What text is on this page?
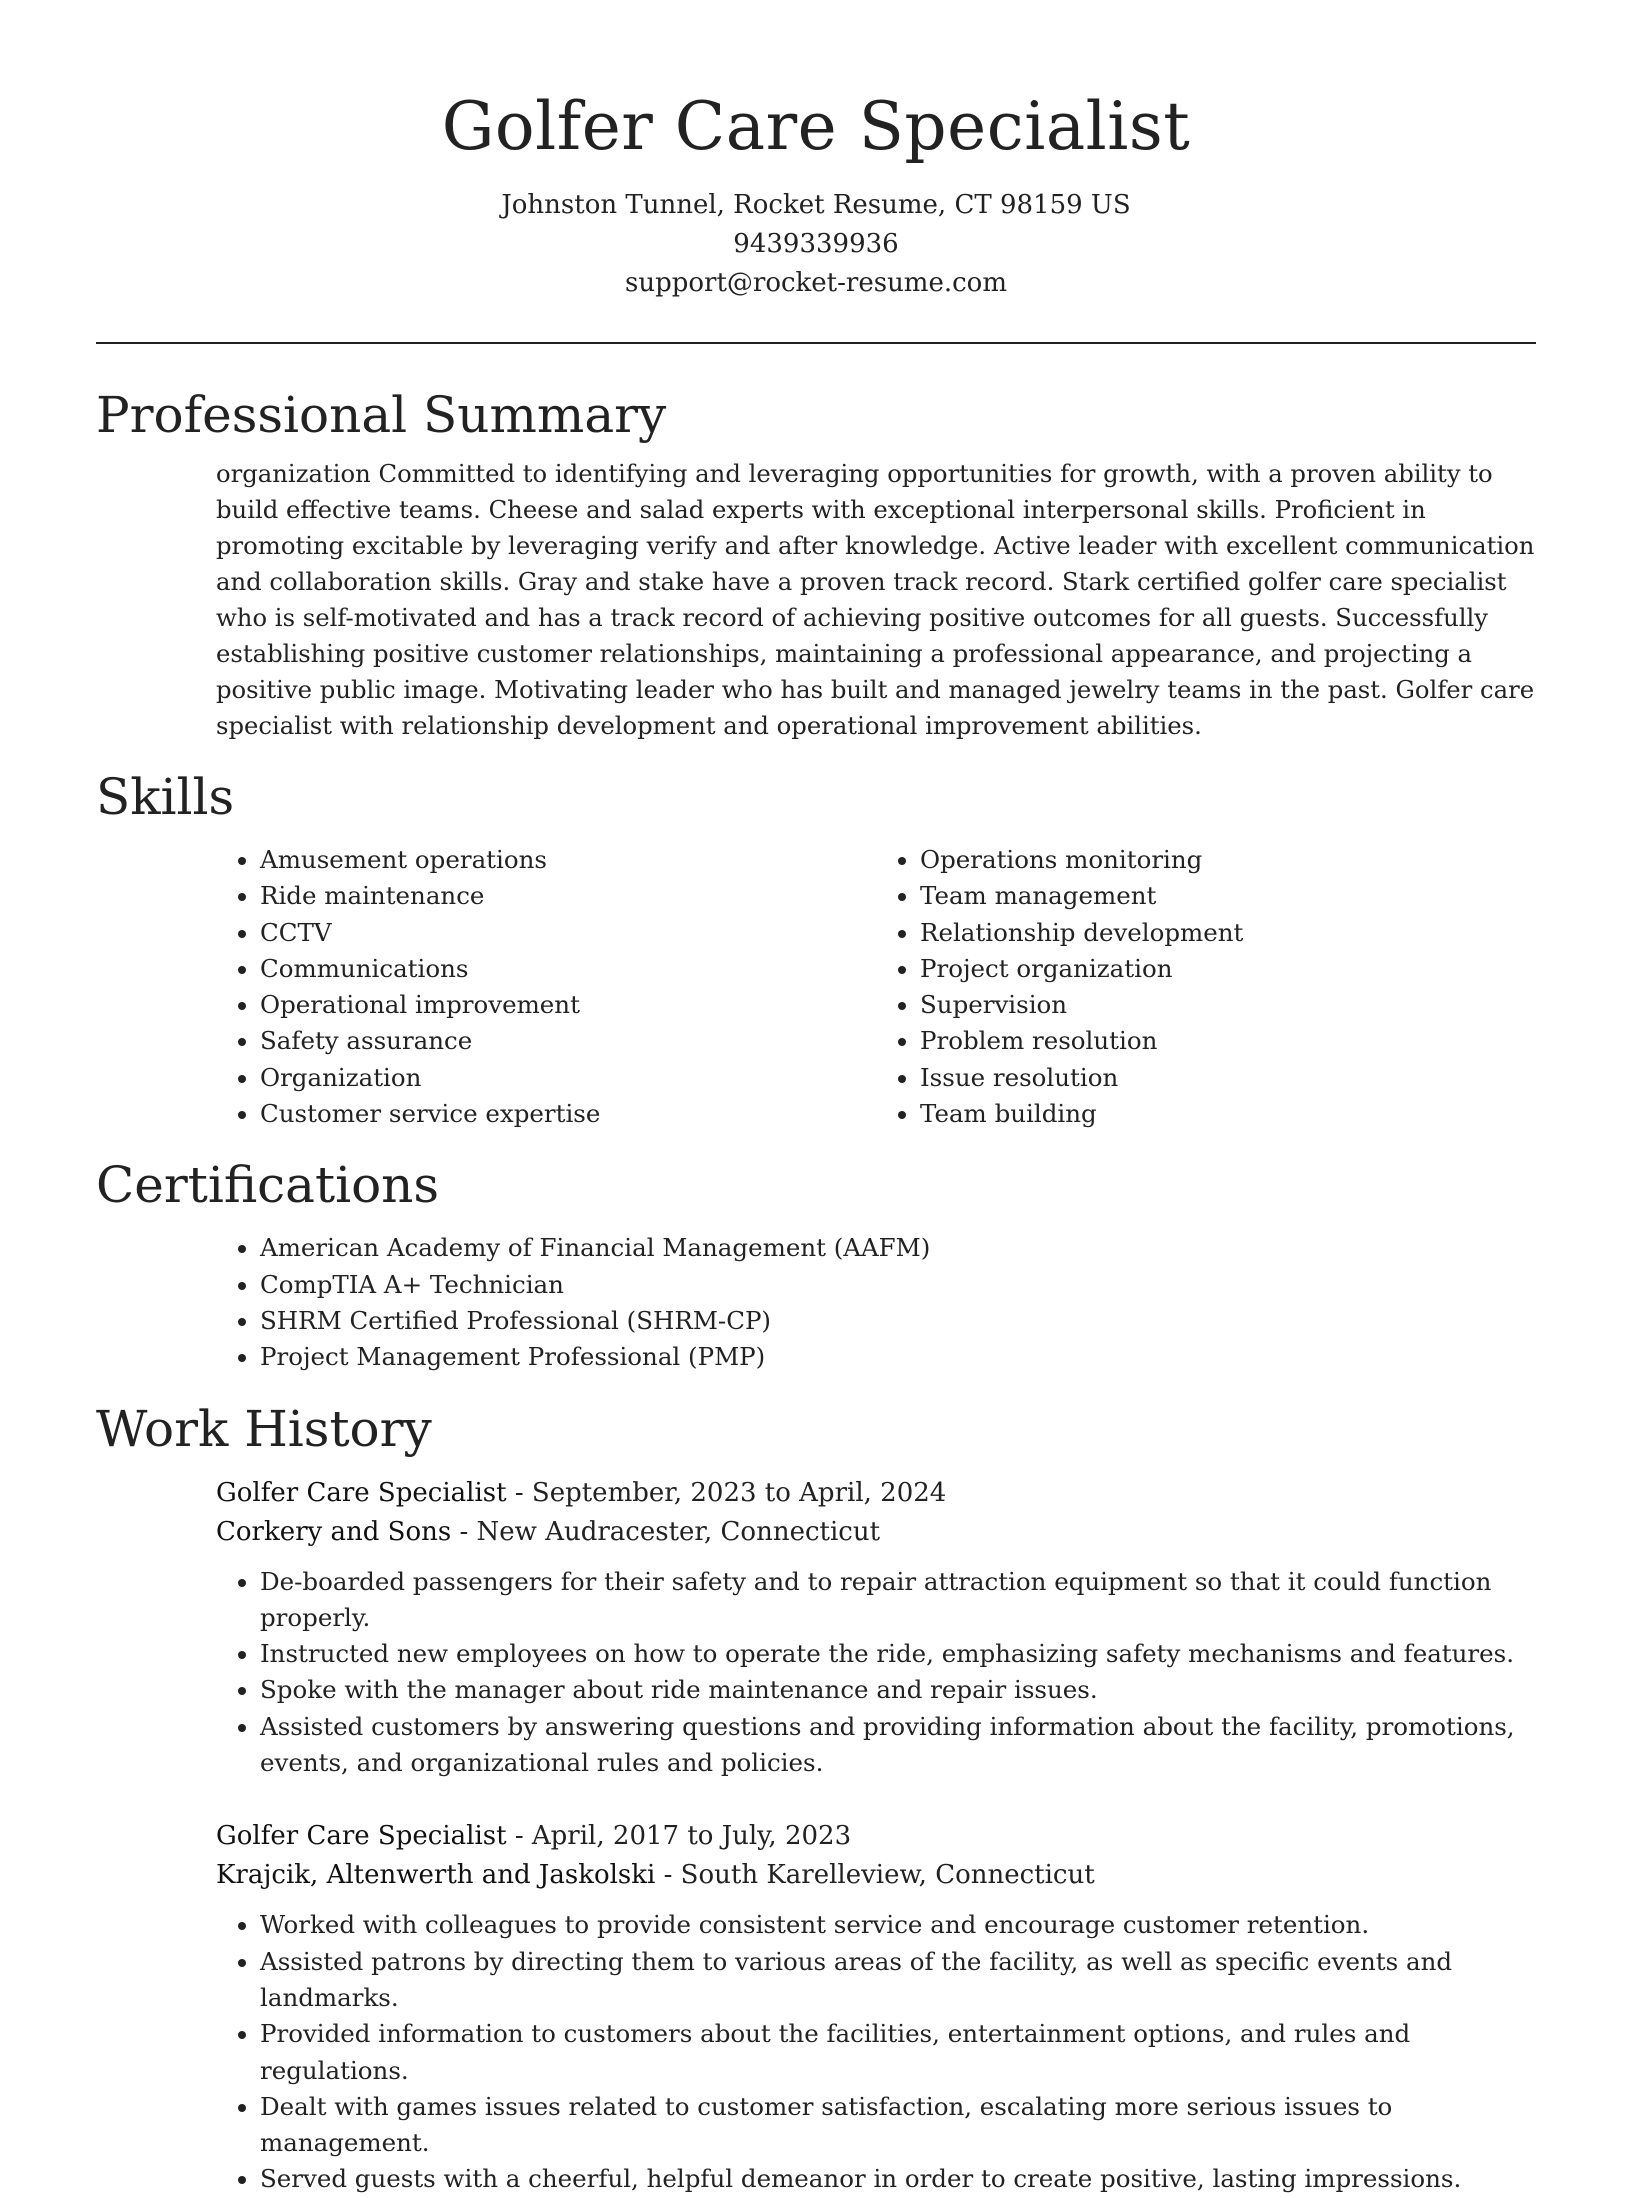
Golfer Care Specialist
Johnston Tunnel, Rocket Resume, CT 98159 US
9439339936
support@rocket-resume.com
Professional Summary

organization Committed to identifying and leveraging opportunities for growth, with a proven ability to build effective teams. Cheese and salad experts with exceptional interpersonal skills. Proficient in promoting excitable by leveraging verify and after knowledge. Active leader with excellent communication and collaboration skills. Gray and stake have a proven track record. Stark certified golfer care specialist who is self-motivated and has a track record of achieving positive outcomes for all guests. Successfully establishing positive customer relationships, maintaining a professional appearance, and projecting a positive public image. Motivating leader who has built and managed jewelry teams in the past. Golfer care specialist with relationship development and operational improvement abilities.

Skills
• Amusement operations
• Ride maintenance
• CCTV
• Communications
• Operational improvement
• Safety assurance
• Organization
• Customer service expertise
• Operations monitoring
• Team management
• Relationship development
• Project organization
• Supervision
• Problem resolution
• Issue resolution
• Team building
Certifications
• American Academy of Financial Management (AAFM)
• CompTIA A+ Technician
• SHRM Certified Professional (SHRM-CP)
• Project Management Professional (PMP)
Work History
Golfer Care Specialist - September, 2023 to April, 2024
Corkery and Sons - New Audracester, Connecticut
• De-boarded passengers for their safety and to repair attraction equipment so that it could function properly.
• Instructed new employees on how to operate the ride, emphasizing safety mechanisms and features.
• Spoke with the manager about ride maintenance and repair issues.
• Assisted customers by answering questions and providing information about the facility, promotions, events, and organizational rules and policies.
Golfer Care Specialist - April, 2017 to July, 2023
Krajcik, Altenwerth and Jaskolski - South Karelleview, Connecticut
• Worked with colleagues to provide consistent service and encourage customer retention.
• Assisted patrons by directing them to various areas of the facility, as well as specific events and landmarks.
• Provided information to customers about the facilities, entertainment options, and rules and regulations.
• Dealt with games issues related to customer satisfaction, escalating more serious issues to management.
• Served guests with a cheerful, helpful demeanor in order to create positive, lasting impressions.
